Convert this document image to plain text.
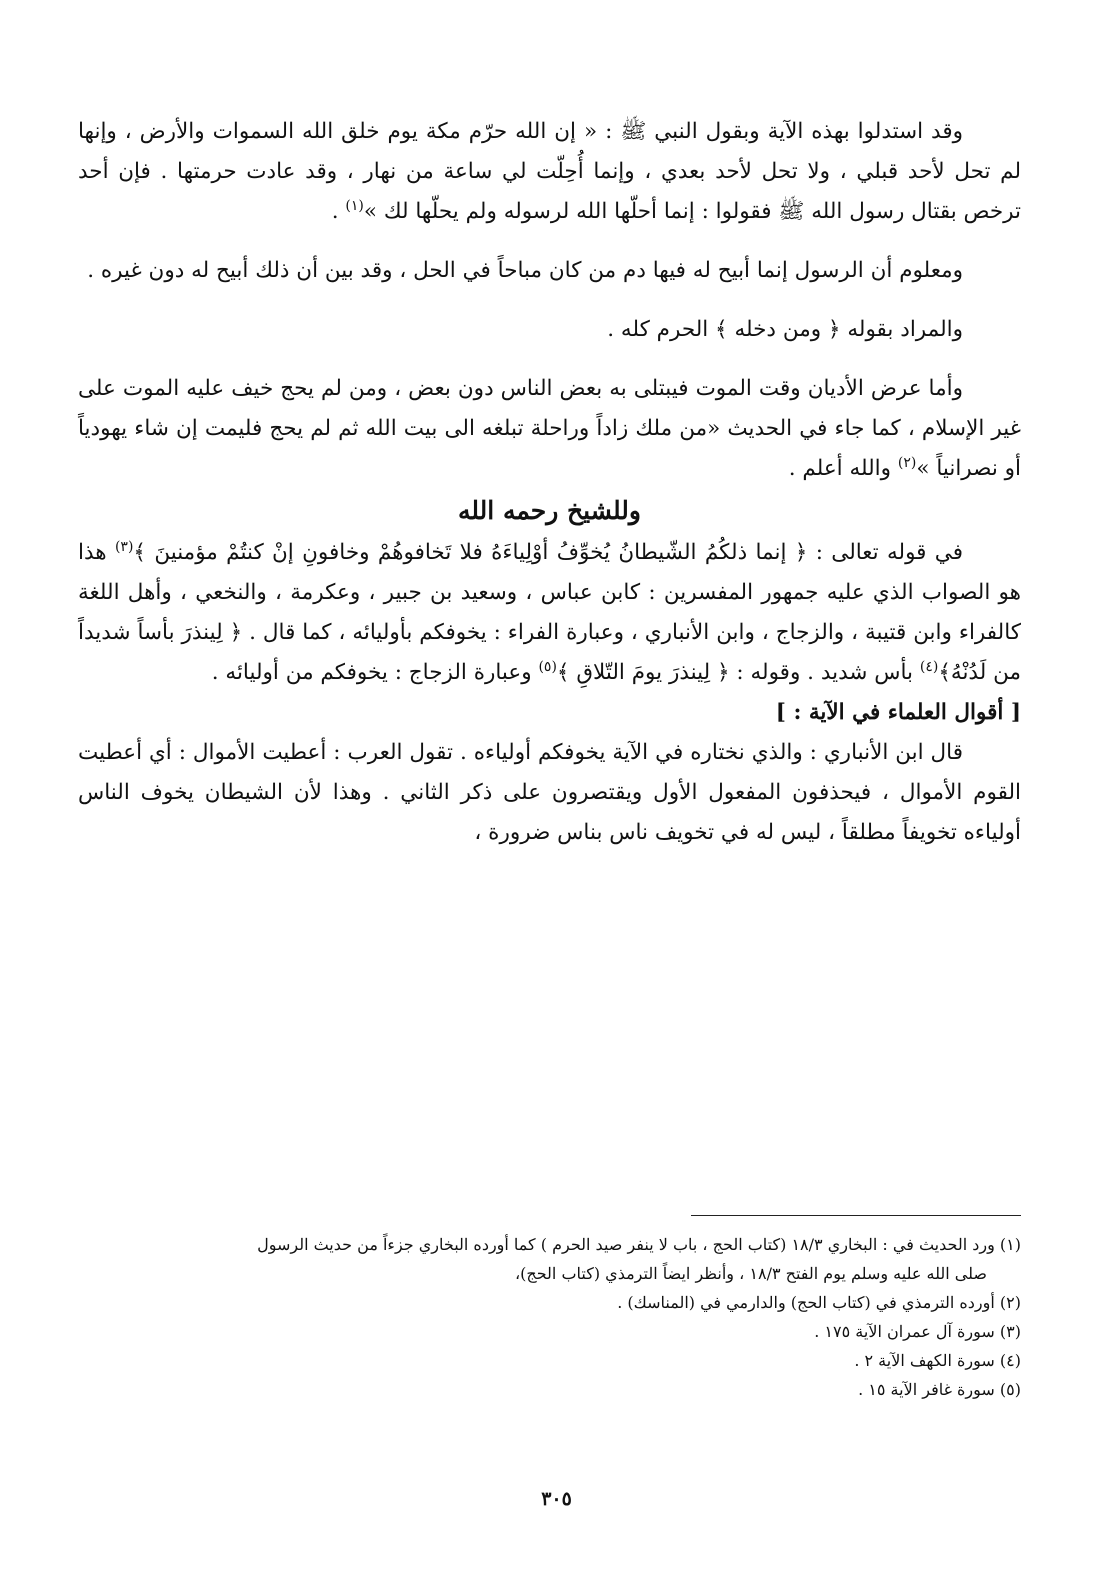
وقد استدلوا بهذه الآية وبقول النبي ﷺ : « إن الله حرّم مكة يوم خلق الله السموات والأرض ، وإنها لم تحل لأحد قبلي ، ولا تحل لأحد بعدي ، وإنما أُحِلّت لي ساعة من نهار ، وقد عادت حرمتها . فإن أحد ترخص بقتال رسول الله ﷺ فقولوا : إنما أحلّها الله لرسوله ولم يحلّها لك »$^{(١)}$ .

ومعلوم أن الرسول إنما أبيح له فيها دم من كان مباحاً في الحل ، وقد بين أن ذلك أبيح له دون غيره .

والمراد بقوله ﴿ ومن دخله ﴾ الحرم كله .

وأما عرض الأديان وقت الموت فيبتلى به بعض الناس دون بعض ، ومن لم يحج خيف عليه الموت على غير الإسلام ، كما جاء في الحديث «من ملك زاداً وراحلة تبلغه الى بيت الله ثم لم يحج فليمت إن شاء يهودياً أو نصرانياً »$^{(٢)}$ والله أعلم .

وللشيخ رحمه الله

في قوله تعالى : ﴿ إنما ذلكُمُ الشّيطانُ يُخوِّفُ أوْلِياءَهُ فلا تَخافوهُمْ وخافونِ إنْ كنتُمْ مؤمنينَ ﴾$^{(٣)}$ هذا هو الصواب الذي عليه جمهور المفسرين : كابن عباس ، وسعيد بن جبير ، وعكرمة ، والنخعي ، وأهل اللغة كالفراء وابن قتيبة ، والزجاج ، وابن الأنباري ، وعبارة الفراء : يخوفكم بأوليائه ، كما قال . ﴿ لِينذرَ بأساً شديداً من لَدُنْهُ﴾$^{(٤)}$ بأس شديد . وقوله : ﴿ لِينذرَ يومَ التّلاقِ ﴾$^{(٥)}$ وعبارة الزجاج : يخوفكم من أوليائه .

[ أقوال العلماء في الآية : ]

قال ابن الأنباري : والذي نختاره في الآية يخوفكم أولياءه . تقول العرب : أعطيت الأموال : أي أعطيت القوم الأموال ، فيحذفون المفعول الأول ويقتصرون على ذكر الثاني . وهذا لأن الشيطان يخوف الناس أولياءه تخويفاً مطلقاً ، ليس له في تخويف ناس بناس ضرورة ،

(١) ورد الحديث في : البخاري ١٨/٣ (كتاب الحج ، باب لا ينفر صيد الحرم ) كما أورده البخاري جزءاً من حديث الرسول

صلى الله عليه وسلم يوم الفتح ١٨/٣ ، وأنظر ايضاً الترمذي (كتاب الحج)،

(٢) أورده الترمذي في (كتاب الحج) والدارمي في (المناسك) .

(٣) سورة آل عمران الآية ١٧٥ .

(٤) سورة الكهف الآية ٢ .

(٥) سورة غافر الآية ١٥ .

٣٠٥
